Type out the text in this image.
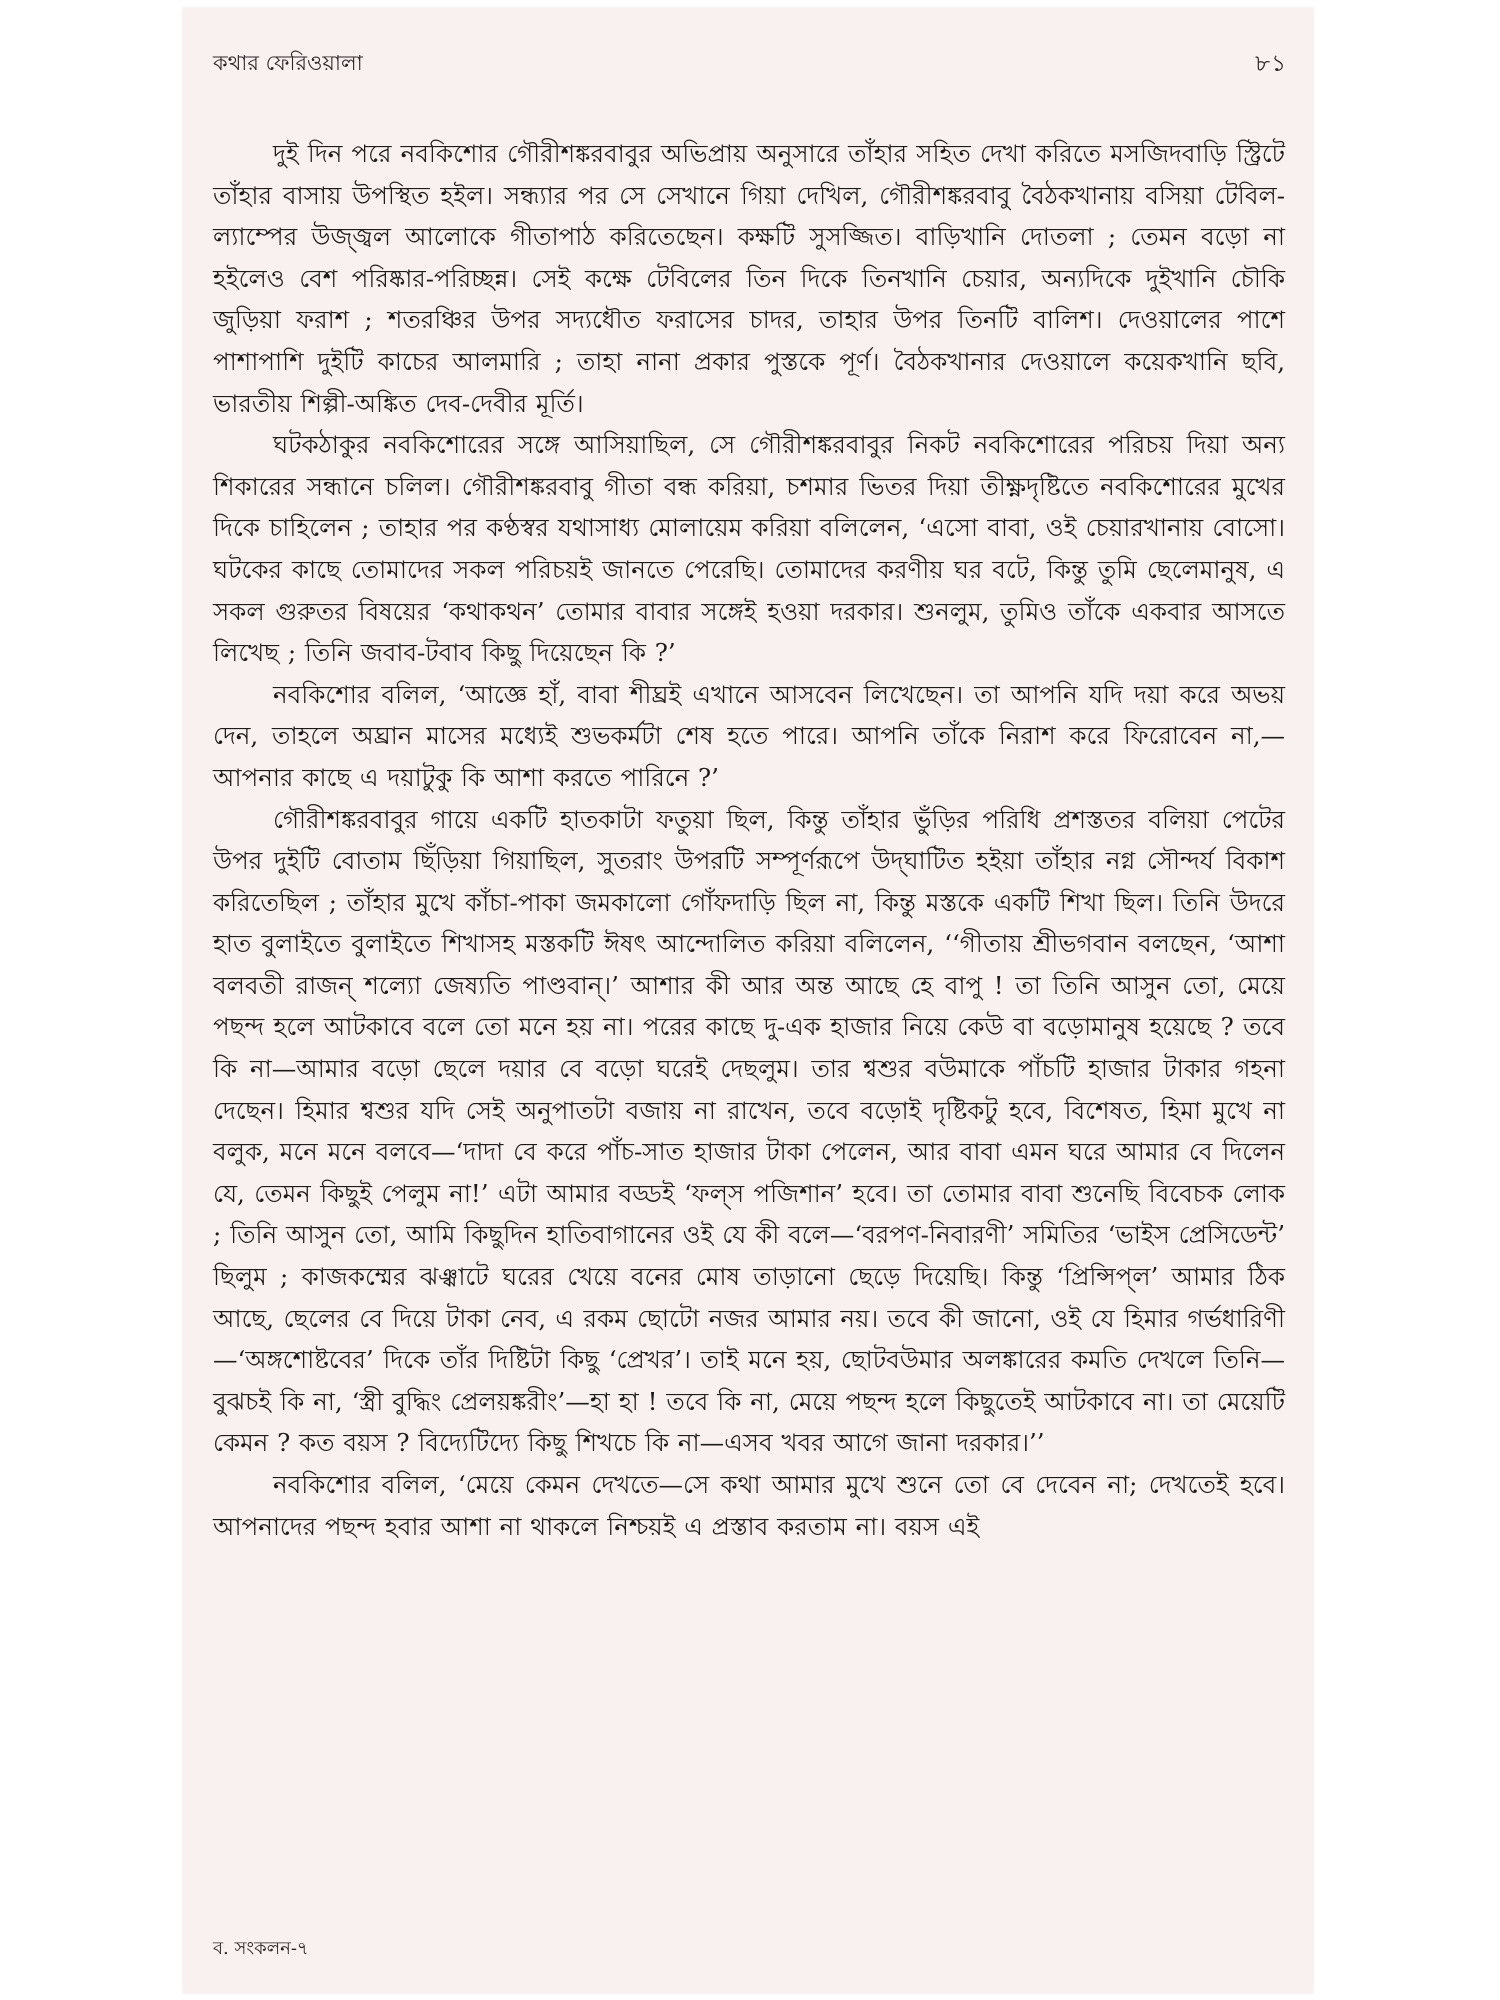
কথার ফেরিওয়ালা	৮১

দুই দিন পরে নবকিশোর গৌরীশঙ্করবাবুর অভিপ্রায় অনুসারে তাঁহার সহিত দেখা করিতে মসজিদবাড়ি স্ট্রিটে তাঁহার বাসায় উপস্থিত হইল। সন্ধ্যার পর সে সেখানে গিয়া দেখিল, গৌরীশঙ্করবাবু বৈঠকখানায় বসিয়া টেবিল-ল্যাম্পের উজ্জ্বল আলোকে গীতাপাঠ করিতেছেন। কক্ষটি সুসজ্জিত। বাড়িখানি দোতলা ; তেমন বড়ো না হইলেও বেশ পরিষ্কার-পরিচ্ছন্ন। সেই কক্ষে টেবিলের তিন দিকে তিনখানি চেয়ার, অন্যদিকে দুইখানি চৌকি জুড়িয়া ফরাশ ; শতরঞ্চির উপর সদ্যধৌত ফরাসের চাদর, তাহার উপর তিনটি বালিশ। দেওয়ালের পাশে পাশাপাশি দুইটি কাচের আলমারি ; তাহা নানা প্রকার পুস্তকে পূর্ণ। বৈঠকখানার দেওয়ালে কয়েকখানি ছবি, ভারতীয় শিল্পী-অঙ্কিত দেব-দেবীর মূর্তি।

ঘটকঠাকুর নবকিশোরের সঙ্গে আসিয়াছিল, সে গৌরীশঙ্করবাবুর নিকট নবকিশোরের পরিচয় দিয়া অন্য শিকারের সন্ধানে চলিল। গৌরীশঙ্করবাবু গীতা বন্ধ করিয়া, চশমার ভিতর দিয়া তীক্ষ্ণদৃষ্টিতে নবকিশোরের মুখের দিকে চাহিলেন ; তাহার পর কণ্ঠস্বর যথাসাধ্য মোলায়েম করিয়া বলিলেন, ‘এসো বাবা, ওই চেয়ারখানায় বোসো। ঘটকের কাছে তোমাদের সকল পরিচয়ই জানতে পেরেছি। তোমাদের করণীয় ঘর বটে, কিন্তু তুমি ছেলেমানুষ, এ সকল গুরুতর বিষয়ের ‘কথাকথন’ তোমার বাবার সঙ্গেই হওয়া দরকার। শুনলুম, তুমিও তাঁকে একবার আসতে লিখেছ ; তিনি জবাব-টবাব কিছু দিয়েছেন কি ?’

নবকিশোর বলিল, ‘আজ্ঞে হাঁ, বাবা শীঘ্রই এখানে আসবেন লিখেছেন। তা আপনি যদি দয়া করে অভয় দেন, তাহলে অঘ্রান মাসের মধ্যেই শুভকর্মটা শেষ হতে পারে। আপনি তাঁকে নিরাশ করে ফিরোবেন না,—আপনার কাছে এ দয়াটুকু কি আশা করতে পারিনে ?’

গৌরীশঙ্করবাবুর গায়ে একটি হাতকাটা ফতুয়া ছিল, কিন্তু তাঁহার ভুঁড়ির পরিধি প্রশস্ততর বলিয়া পেটের উপর দুইটি বোতাম ছিঁড়িয়া গিয়াছিল, সুতরাং উপরটি সম্পূর্ণরূপে উদ্‌ঘাটিত হইয়া তাঁহার নগ্ন সৌন্দর্য বিকাশ করিতেছিল ; তাঁহার মুখে কাঁচা-পাকা জমকালো গোঁফদাড়ি ছিল না, কিন্তু মস্তকে একটি শিখা ছিল। তিনি উদরে হাত বুলাইতে বুলাইতে শিখাসহ মস্তকটি ঈষৎ আন্দোলিত করিয়া বলিলেন, ‘‘গীতায় শ্রীভগবান বলছেন, ‘আশা বলবতী রাজন্‌ শল্যো জেষ্যতি পাণ্ডবান্‌।’ আশার কী আর অন্ত আছে হে বাপু ! তা তিনি আসুন তো, মেয়ে পছন্দ হলে আটকাবে বলে তো মনে হয় না। পরের কাছে দু-এক হাজার নিয়ে কেউ বা বড়োমানুষ হয়েছে ? তবে কি না—আমার বড়ো ছেলে দয়ার বে বড়ো ঘরেই দেছলুম। তার শ্বশুর বউমাকে পাঁচটি হাজার টাকার গহনা দেছেন। হিমার শ্বশুর যদি সেই অনুপাতটা বজায় না রাখেন, তবে বড়োই দৃষ্টিকটু হবে, বিশেষত, হিমা মুখে না বলুক, মনে মনে বলবে—‘দাদা বে করে পাঁচ-সাত হাজার টাকা পেলেন, আর বাবা এমন ঘরে আমার বে দিলেন যে, তেমন কিছুই পেলুম না!’ এটা আমার বড্ডই ‘ফল্‌স পজিশান’ হবে। তা তোমার বাবা শুনেছি বিবেচক লোক ; তিনি আসুন তো, আমি কিছুদিন হাতিবাগানের ওই যে কী বলে—‘বরপণ-নিবারণী’ সমিতির ‘ভাইস প্রেসিডেন্ট’ ছিলুম ; কাজকম্মের ঝঞ্ঝাটে ঘরের খেয়ে বনের মোষ তাড়ানো ছেড়ে দিয়েছি। কিন্তু ‘প্রিন্সিপ্‌ল’ আমার ঠিক আছে, ছেলের বে দিয়ে টাকা নেব, এ রকম ছোটো নজর আমার নয়। তবে কী জানো, ওই যে হিমার গর্ভধারিণী—‘অঙ্গশোষ্টবের’ দিকে তাঁর দিষ্টিটা কিছু ‘প্রেখর’। তাই মনে হয়, ছোটবউমার অলঙ্কারের কমতি দেখলে তিনি—বুঝচই কি না, ‘স্ত্রী বুদ্ধিং প্রেলয়ঙ্করীং’—হা হা ! তবে কি না, মেয়ে পছন্দ হলে কিছুতেই আটকাবে না। তা মেয়েটি কেমন ? কত বয়স ? বিদ্যেটিদ্যে কিছু শিখচে কি না—এসব খবর আগে জানা দরকার।’’

নবকিশোর বলিল, ‘মেয়ে কেমন দেখতে—সে কথা আমার মুখে শুনে তো বে দেবেন না; দেখতেই হবে। আপনাদের পছন্দ হবার আশা না থাকলে নিশ্চয়ই এ প্রস্তাব করতাম না। বয়স এই

ব. সংকলন-৭
